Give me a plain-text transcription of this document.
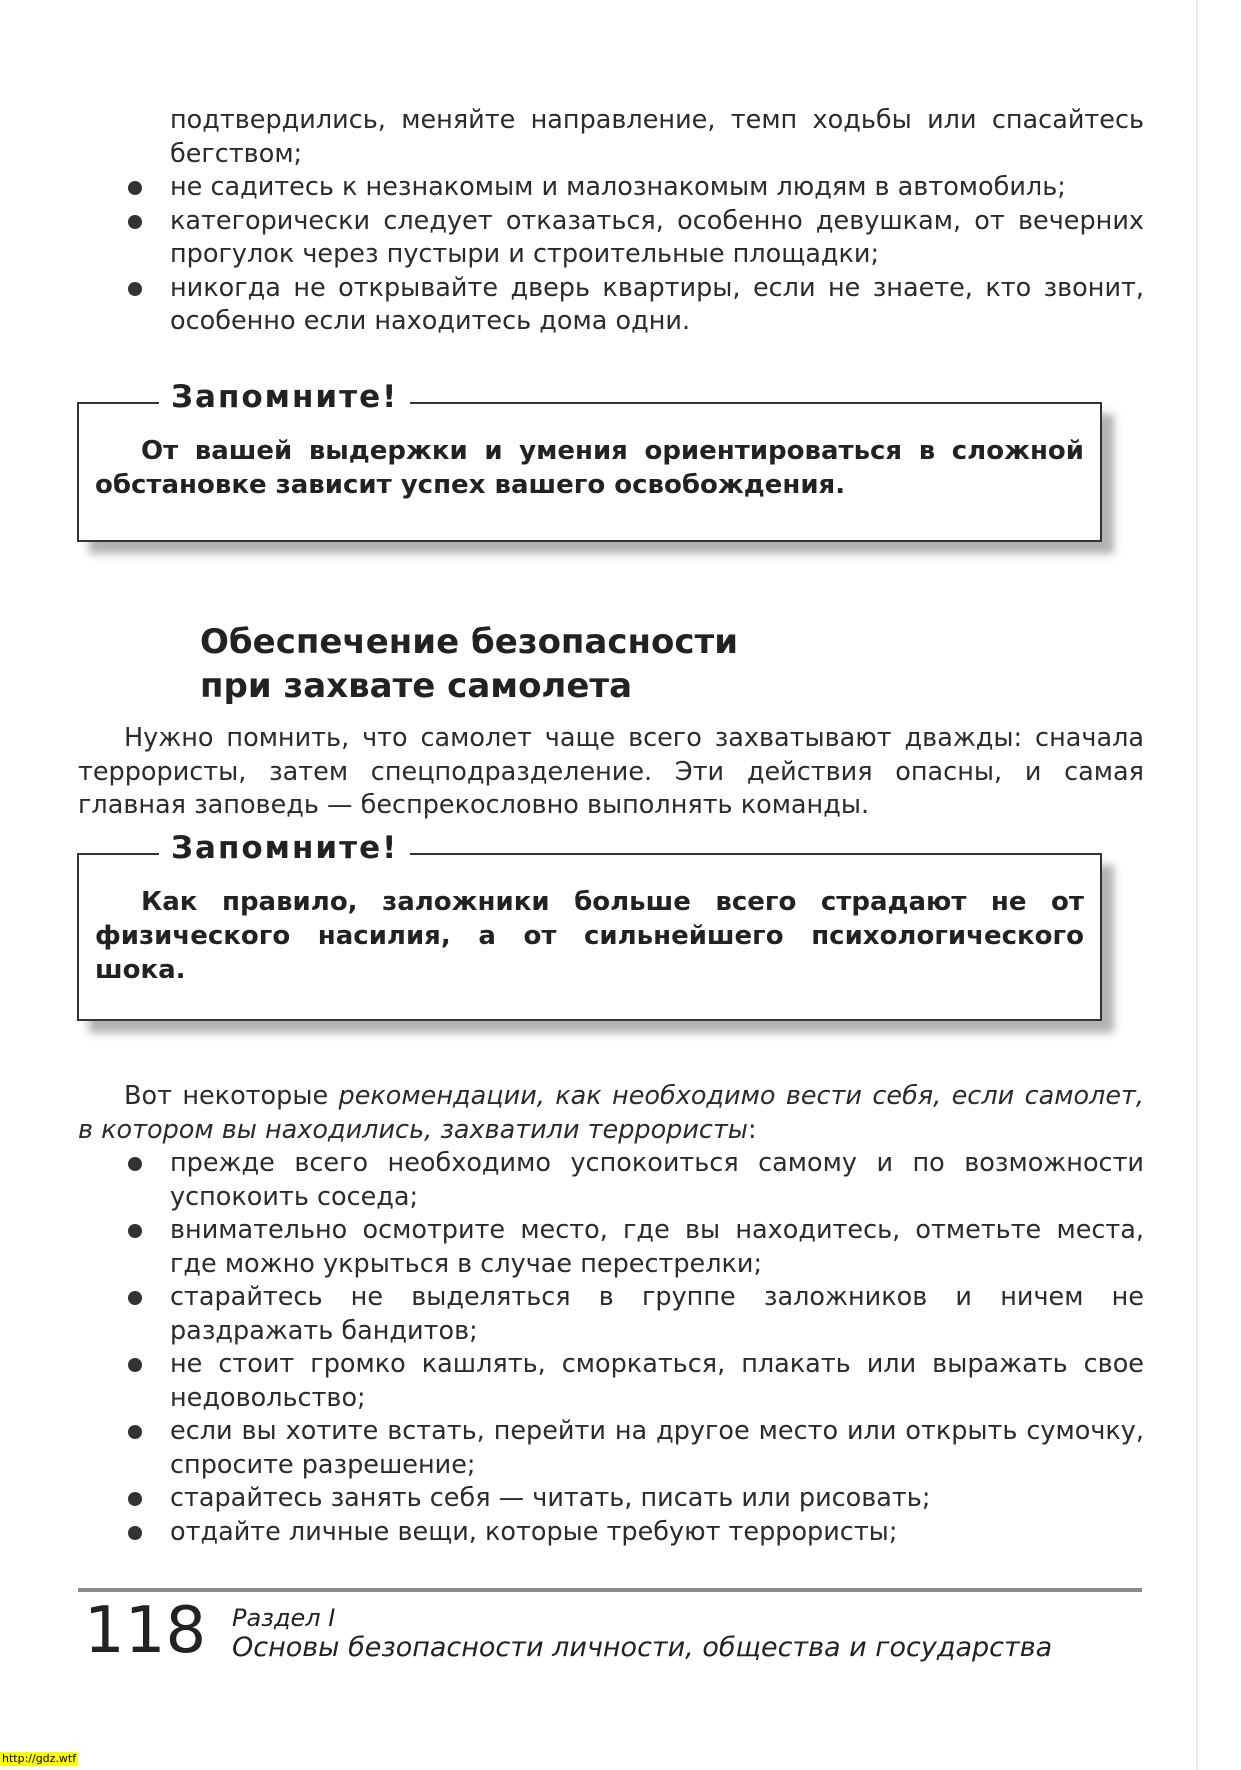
подтвердились, меняйте направление, темп ходьбы или спасайтесь бегством;
не садитесь к незнакомым и малознакомым людям в автомобиль;
категорически следует отказаться, особенно девушкам, от вечерних прогулок через пустыри и строительные площадки;
никогда не открывайте дверь квартиры, если не знаете, кто звонит, особенно если находитесь дома одни.
Запомните!
От вашей выдержки и умения ориентироваться в сложной обстановке зависит успех вашего освобождения.
Обеспечение безопасности
при захвате самолета
Нужно помнить, что самолет чаще всего захватывают дважды: сначала террористы, затем спецподразделение. Эти действия опасны, и самая главная заповедь — беспрекословно выполнять команды.
Запомните!
Как правило, заложники больше всего страдают не от физического насилия, а от сильнейшего психологического шока.
Вот некоторые рекомендации, как необходимо вести себя, если самолет, в котором вы находились, захватили террористы:
прежде всего необходимо успокоиться самому и по возможности успокоить соседа;
внимательно осмотрите место, где вы находитесь, отметьте места, где можно укрыться в случае перестрелки;
старайтесь не выделяться в группе заложников и ничем не раздражать бандитов;
не стоит громко кашлять, сморкаться, плакать или выражать свое недовольство;
если вы хотите встать, перейти на другое место или открыть сумочку, спросите разрешение;
старайтесь занять себя — читать, писать или рисовать;
отдайте личные вещи, которые требуют террористы;
118 Раздел I
Основы безопасности личности, общества и государства
http://gdz.wtf
